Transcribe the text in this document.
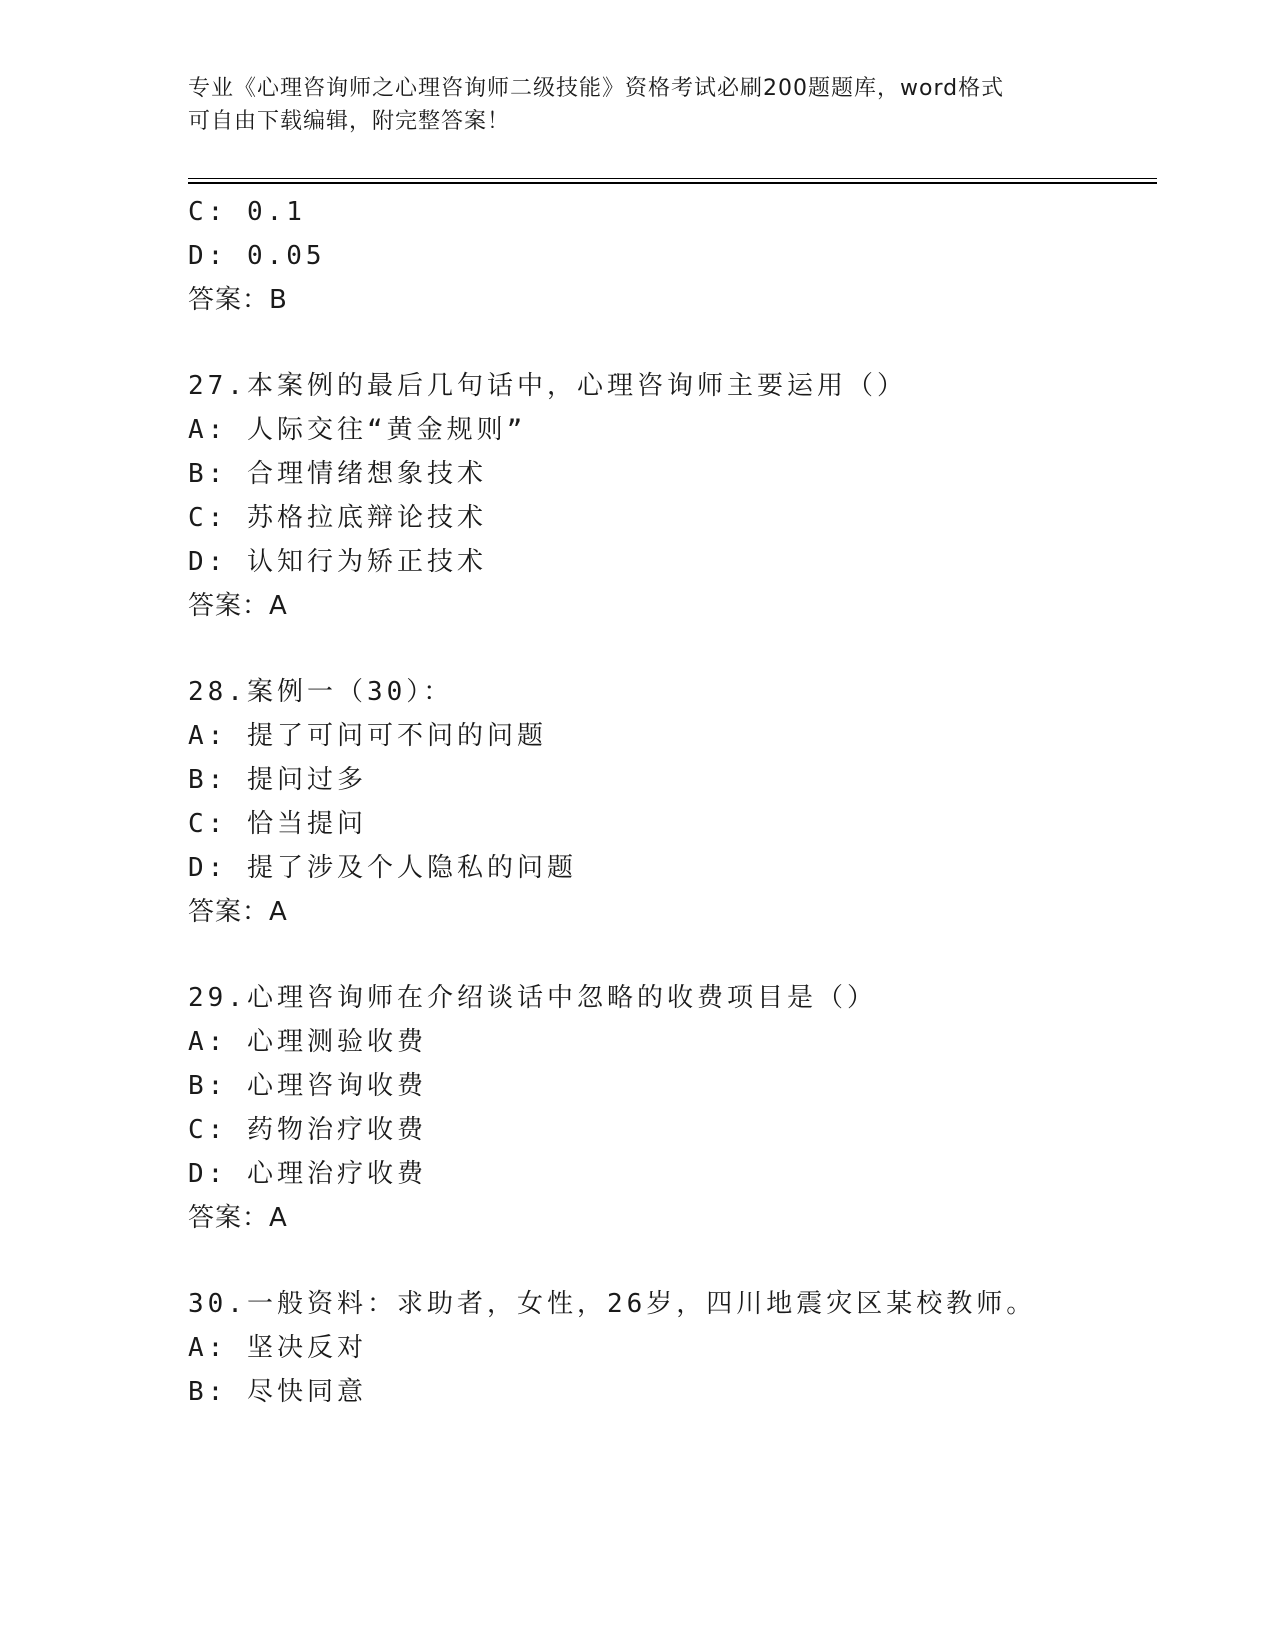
专业《心理咨询师之心理咨询师二级技能》资格考试必刷200题题库，word格式
可自由下载编辑，附完整答案！
C: 0.1
D: 0.05
答案：B
27.本案例的最后几句话中，心理咨询师主要运用（）
A: 人际交往“黄金规则”
B: 合理情绪想象技术
C: 苏格拉底辩论技术
D: 认知行为矫正技术
答案：A
28.案例一（30）：
A: 提了可问可不问的问题
B: 提问过多
C: 恰当提问
D: 提了涉及个人隐私的问题
答案：A
29.心理咨询师在介绍谈话中忽略的收费项目是（）
A: 心理测验收费
B: 心理咨询收费
C: 药物治疗收费
D: 心理治疗收费
答案：A
30.一般资料：求助者，女性，26岁，四川地震灾区某校教师。
A: 坚决反对
B: 尽快同意
